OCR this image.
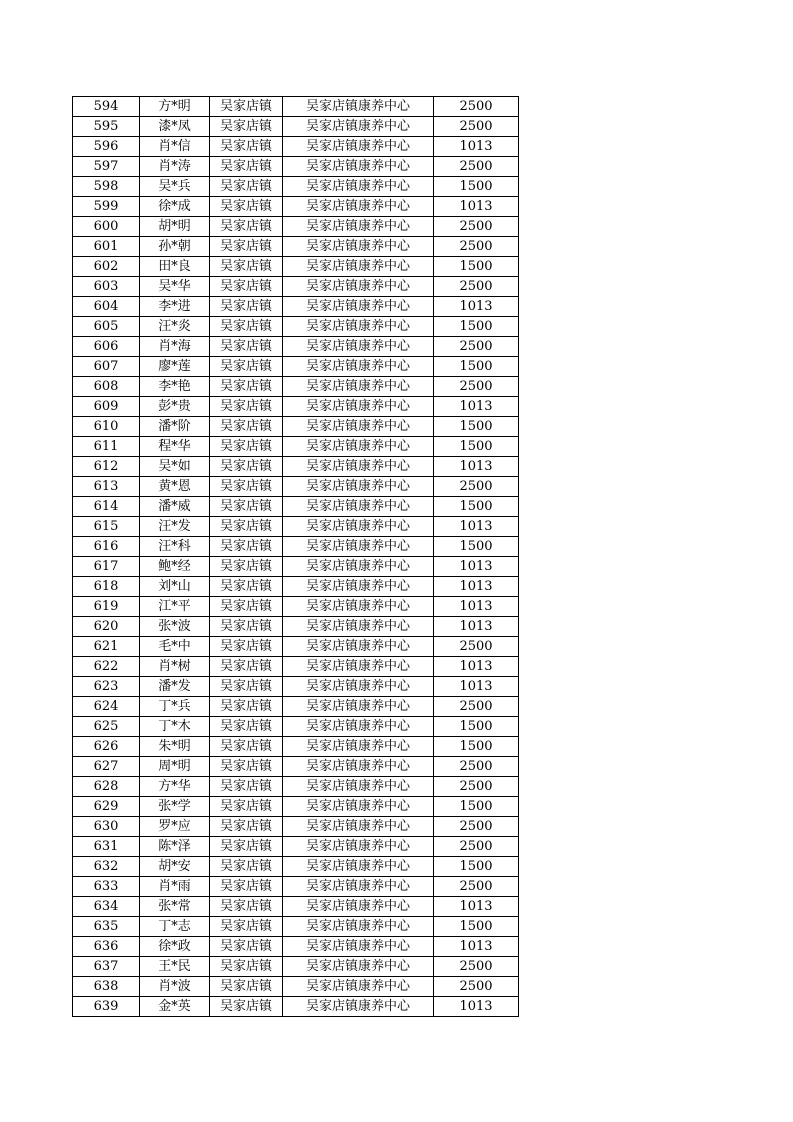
594	方*明	吴家店镇	吴家店镇康养中心	2500
595	漆*凤	吴家店镇	吴家店镇康养中心	2500
596	肖*信	吴家店镇	吴家店镇康养中心	1013
597	肖*涛	吴家店镇	吴家店镇康养中心	2500
598	吴*兵	吴家店镇	吴家店镇康养中心	1500
599	徐*成	吴家店镇	吴家店镇康养中心	1013
600	胡*明	吴家店镇	吴家店镇康养中心	2500
601	孙*朝	吴家店镇	吴家店镇康养中心	2500
602	田*良	吴家店镇	吴家店镇康养中心	1500
603	吴*华	吴家店镇	吴家店镇康养中心	2500
604	李*进	吴家店镇	吴家店镇康养中心	1013
605	汪*炎	吴家店镇	吴家店镇康养中心	1500
606	肖*海	吴家店镇	吴家店镇康养中心	2500
607	廖*莲	吴家店镇	吴家店镇康养中心	1500
608	李*艳	吴家店镇	吴家店镇康养中心	2500
609	彭*贵	吴家店镇	吴家店镇康养中心	1013
610	潘*阶	吴家店镇	吴家店镇康养中心	1500
611	程*华	吴家店镇	吴家店镇康养中心	1500
612	吴*如	吴家店镇	吴家店镇康养中心	1013
613	黄*恩	吴家店镇	吴家店镇康养中心	2500
614	潘*威	吴家店镇	吴家店镇康养中心	1500
615	汪*发	吴家店镇	吴家店镇康养中心	1013
616	汪*科	吴家店镇	吴家店镇康养中心	1500
617	鲍*经	吴家店镇	吴家店镇康养中心	1013
618	刘*山	吴家店镇	吴家店镇康养中心	1013
619	江*平	吴家店镇	吴家店镇康养中心	1013
620	张*波	吴家店镇	吴家店镇康养中心	1013
621	毛*中	吴家店镇	吴家店镇康养中心	2500
622	肖*树	吴家店镇	吴家店镇康养中心	1013
623	潘*发	吴家店镇	吴家店镇康养中心	1013
624	丁*兵	吴家店镇	吴家店镇康养中心	2500
625	丁*木	吴家店镇	吴家店镇康养中心	1500
626	朱*明	吴家店镇	吴家店镇康养中心	1500
627	周*明	吴家店镇	吴家店镇康养中心	2500
628	方*华	吴家店镇	吴家店镇康养中心	2500
629	张*学	吴家店镇	吴家店镇康养中心	1500
630	罗*应	吴家店镇	吴家店镇康养中心	2500
631	陈*泽	吴家店镇	吴家店镇康养中心	2500
632	胡*安	吴家店镇	吴家店镇康养中心	1500
633	肖*雨	吴家店镇	吴家店镇康养中心	2500
634	张*常	吴家店镇	吴家店镇康养中心	1013
635	丁*志	吴家店镇	吴家店镇康养中心	1500
636	徐*政	吴家店镇	吴家店镇康养中心	1013
637	王*民	吴家店镇	吴家店镇康养中心	2500
638	肖*波	吴家店镇	吴家店镇康养中心	2500
639	金*英	吴家店镇	吴家店镇康养中心	1013
